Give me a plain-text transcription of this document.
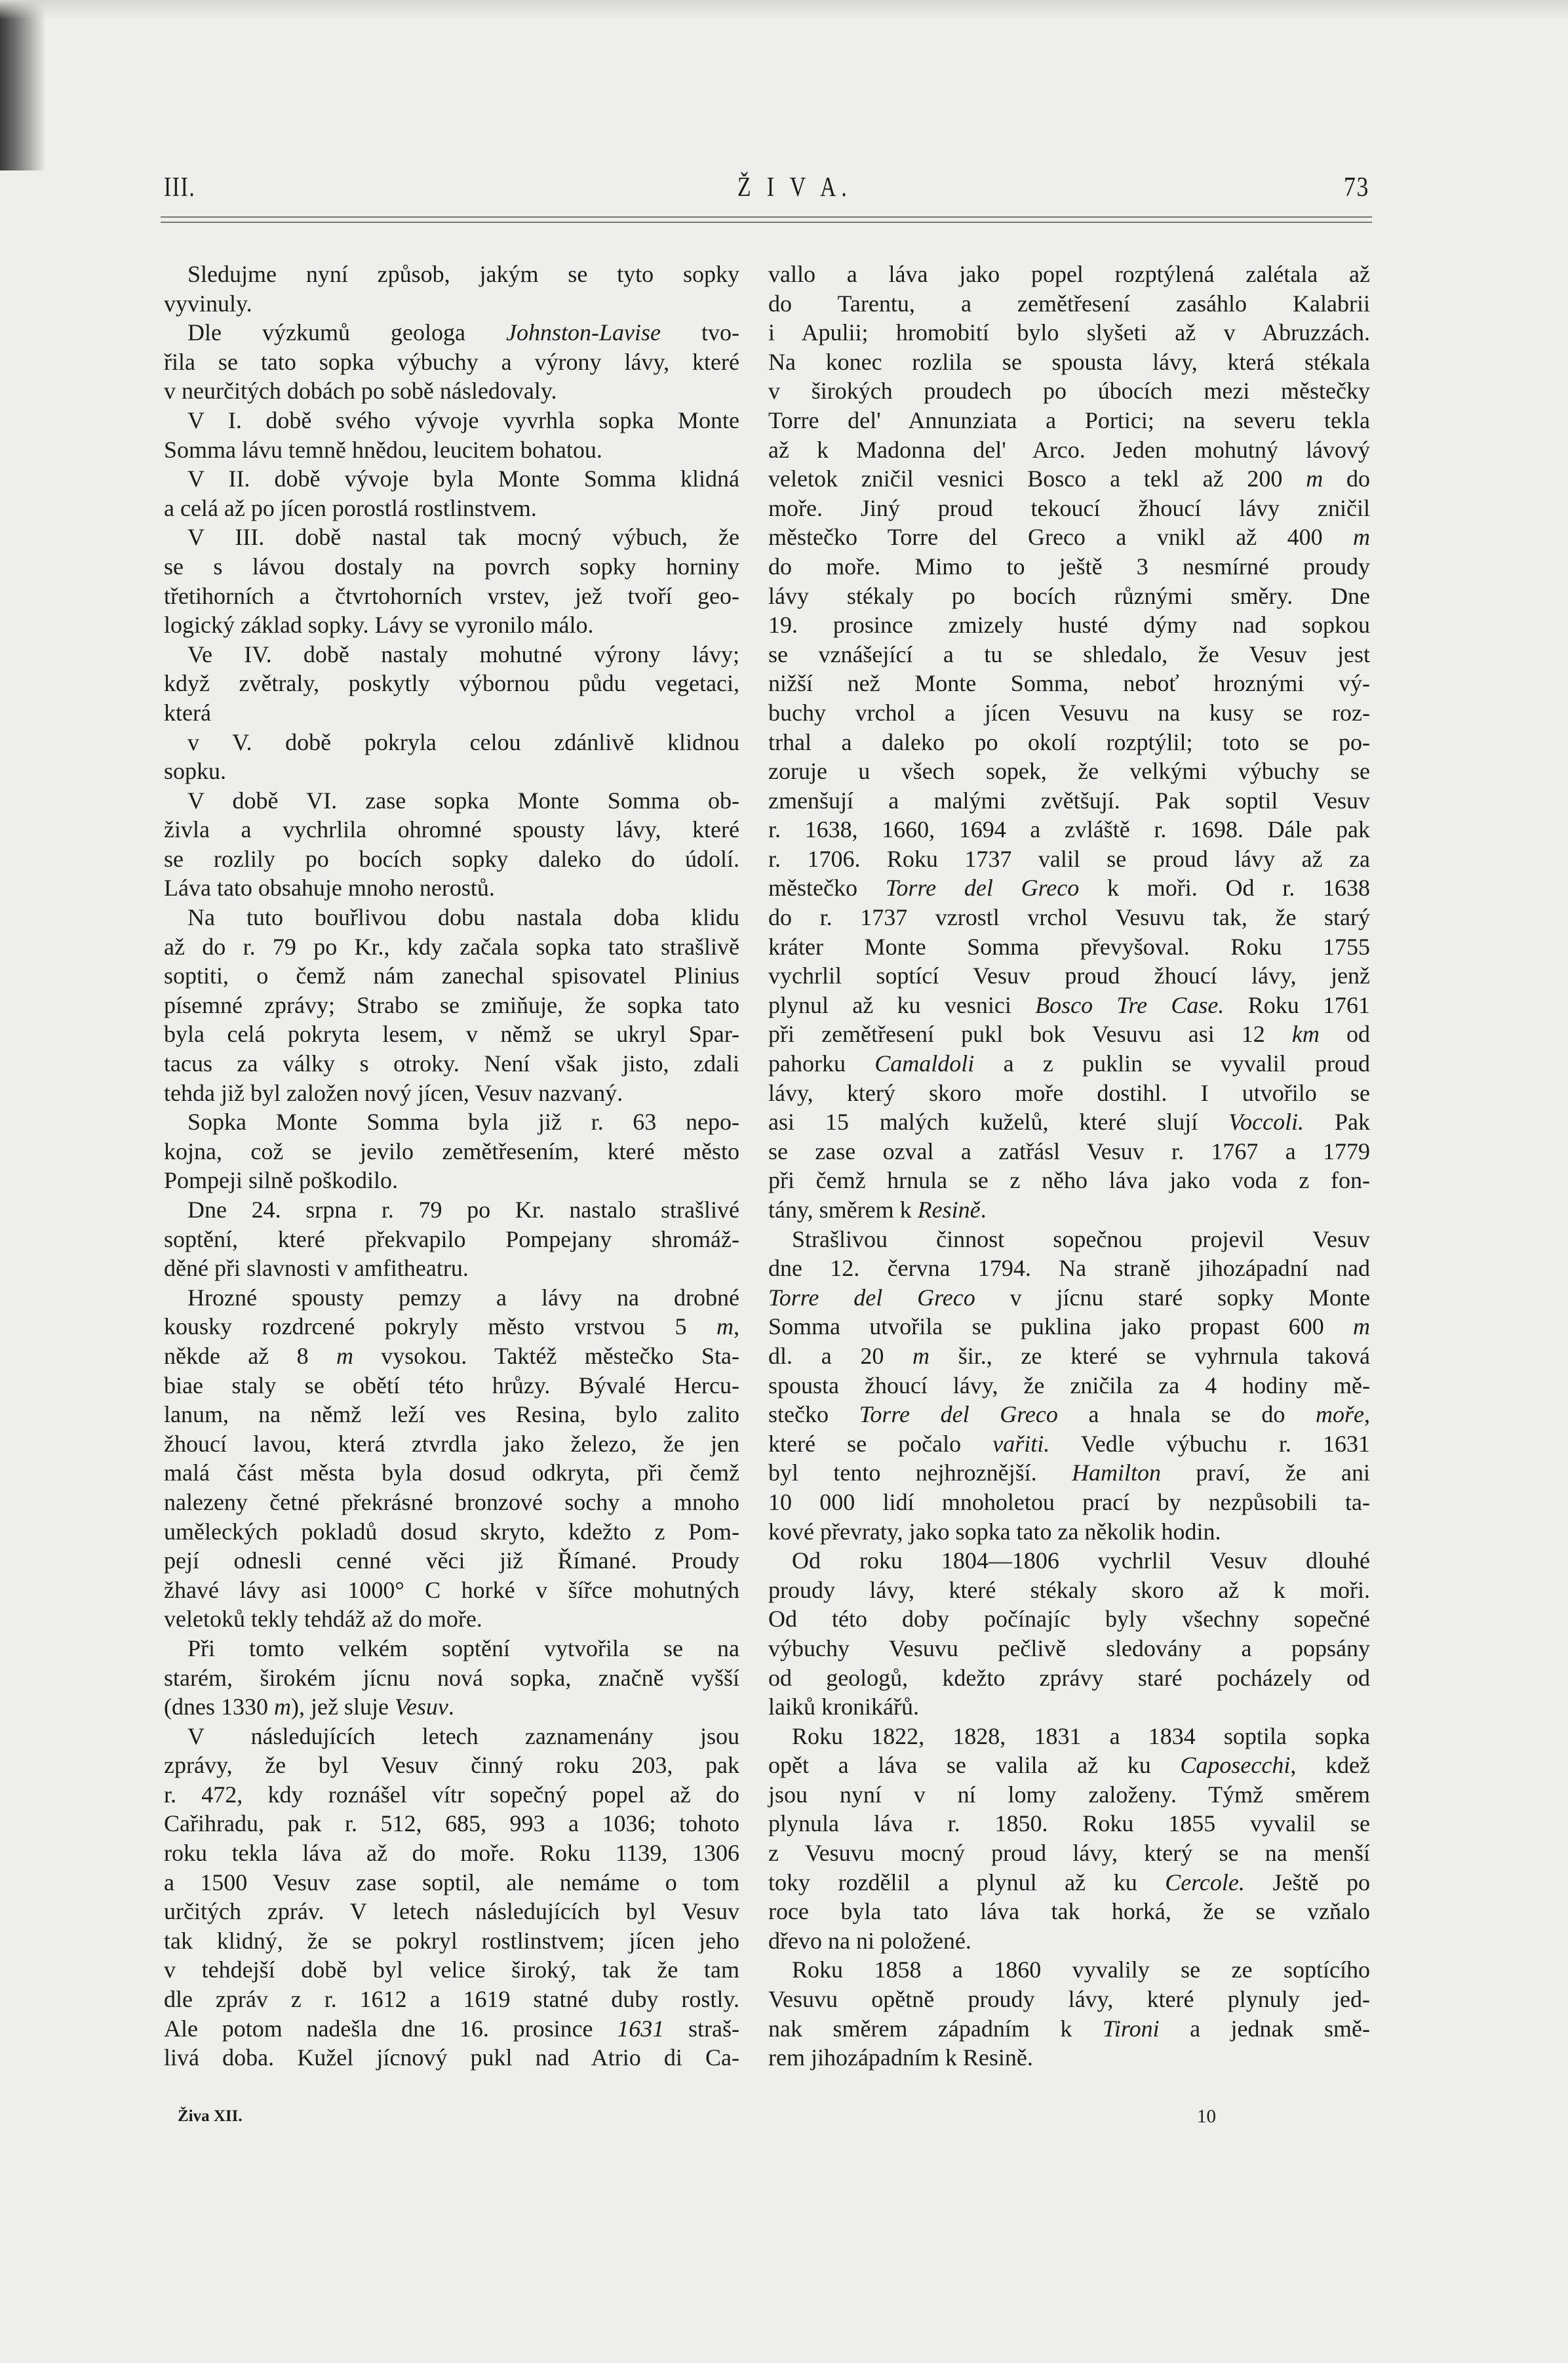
III.	Ž I V A.	73
Sledujme nyní způsob, jakým se tyto sopky
vyvinuly.
Dle výzkumů geologa Johnston-Lavise tvo-
řila se tato sopka výbuchy a výrony lávy, které
v neurčitých dobách po sobě následovaly.
V I. době svého vývoje vyvrhla sopka Monte
Somma lávu temně hnědou, leucitem bohatou.
V II. době vývoje byla Monte Somma klidná
a celá až po jícen porostlá rostlinstvem.
V III. době nastal tak mocný výbuch, že
se s lávou dostaly na povrch sopky horniny
třetihorních a čtvrtohorních vrstev, jež tvoří geo-
logický základ sopky. Lávy se vyronilo málo.
Ve IV. době nastaly mohutné výrony lávy;
když zvětraly, poskytly výbornou půdu vegetaci,
která
v V. době pokryla celou zdánlivě klidnou
sopku.
V době VI. zase sopka Monte Somma ob-
živla a vychrlila ohromné spousty lávy, které
se rozlily po bocích sopky daleko do údolí.
Láva tato obsahuje mnoho nerostů.
Na tuto bouřlivou dobu nastala doba klidu
až do r. 79 po Kr., kdy začala sopka tato strašlivě
soptiti, o čemž nám zanechal spisovatel Plinius
písemné zprávy; Strabo se zmiňuje, že sopka tato
byla celá pokryta lesem, v němž se ukryl Spar-
tacus za války s otroky. Není však jisto, zdali
tehda již byl založen nový jícen, Vesuv nazvaný.
Sopka Monte Somma byla již r. 63 nepo-
kojna, což se jevilo zemětřesením, které město
Pompeji silně poškodilo.
Dne 24. srpna r. 79 po Kr. nastalo strašlivé
soptění, které překvapilo Pompejany shromáž-
děné při slavnosti v amfitheatru.
Hrozné spousty pemzy a lávy na drobné
kousky rozdrcené pokryly město vrstvou 5 m,
někde až 8 m vysokou. Taktéž městečko Sta-
biae staly se obětí této hrůzy. Bývalé Hercu-
lanum, na němž leží ves Resina, bylo zalito
žhoucí lavou, která ztvrdla jako železo, že jen
malá část města byla dosud odkryta, při čemž
nalezeny četné překrásné bronzové sochy a mnoho
uměleckých pokladů dosud skryto, kdežto z Pom-
pejí odnesli cenné věci již Římané. Proudy
žhavé lávy asi 1000° C horké v šířce mohutných
veletoků tekly tehdáž až do moře.
Při tomto velkém soptění vytvořila se na
starém, širokém jícnu nová sopka, značně vyšší
(dnes 1330 m), jež sluje Vesuv.
V následujících letech zaznamenány jsou
zprávy, že byl Vesuv činný roku 203, pak
r. 472, kdy roznášel vítr sopečný popel až do
Cařihradu, pak r. 512, 685, 993 a 1036; tohoto
roku tekla láva až do moře. Roku 1139, 1306
a 1500 Vesuv zase soptil, ale nemáme o tom
určitých zpráv. V letech následujících byl Vesuv
tak klidný, že se pokryl rostlinstvem; jícen jeho
v tehdejší době byl velice široký, tak že tam
dle zpráv z r. 1612 a 1619 statné duby rostly.
Ale potom nadešla dne 16. prosince 1631 straš-
livá doba. Kužel jícnový pukl nad Atrio di Ca-
vallo a láva jako popel rozptýlená zalétala až
do Tarentu, a zemětřesení zasáhlo Kalabrii
i Apulii; hromobití bylo slyšeti až v Abruzzách.
Na konec rozlila se spousta lávy, která stékala
v širokých proudech po úbocích mezi městečky
Torre del' Annunziata a Portici; na severu tekla
až k Madonna del' Arco. Jeden mohutný lávový
veletok zničil vesnici Bosco a tekl až 200 m do
moře. Jiný proud tekoucí žhoucí lávy zničil
městečko Torre del Greco a vnikl až 400 m
do moře. Mimo to ještě 3 nesmírné proudy
lávy stékaly po bocích různými směry. Dne
19. prosince zmizely husté dýmy nad sopkou
se vznášející a tu se shledalo, že Vesuv jest
nižší než Monte Somma, neboť hroznými vý-
buchy vrchol a jícen Vesuvu na kusy se roz-
trhal a daleko po okolí rozptýlil; toto se po-
zoruje u všech sopek, že velkými výbuchy se
zmenšují a malými zvětšují. Pak soptil Vesuv
r. 1638, 1660, 1694 a zvláště r. 1698. Dále pak
r. 1706. Roku 1737 valil se proud lávy až za
městečko Torre del Greco k moři. Od r. 1638
do r. 1737 vzrostl vrchol Vesuvu tak, že starý
kráter Monte Somma převyšoval. Roku 1755
vychrlil soptící Vesuv proud žhoucí lávy, jenž
plynul až ku vesnici Bosco Tre Case. Roku 1761
při zemětřesení pukl bok Vesuvu asi 12 km od
pahorku Camaldoli a z puklin se vyvalil proud
lávy, který skoro moře dostihl. I utvořilo se
asi 15 malých kuželů, které slují Voccoli. Pak
se zase ozval a zatřásl Vesuv r. 1767 a 1779
při čemž hrnula se z něho láva jako voda z fon-
tány, směrem k Resině.
Strašlivou činnost sopečnou projevil Vesuv
dne 12. června 1794. Na straně jihozápadní nad
Torre del Greco v jícnu staré sopky Monte
Somma utvořila se puklina jako propast 600 m
dl. a 20 m šir., ze které se vyhrnula taková
spousta žhoucí lávy, že zničila za 4 hodiny mě-
stečko Torre del Greco a hnala se do moře,
které se počalo vařiti. Vedle výbuchu r. 1631
byl tento nejhroznější. Hamilton praví, že ani
10 000 lidí mnoholetou prací by nezpůsobili ta-
kové převraty, jako sopka tato za několik hodin.
Od roku 1804—1806 vychrlil Vesuv dlouhé
proudy lávy, které stékaly skoro až k moři.
Od této doby počínajíc byly všechny sopečné
výbuchy Vesuvu pečlivě sledovány a popsány
od geologů, kdežto zprávy staré pocházely od
laiků kronikářů.
Roku 1822, 1828, 1831 a 1834 soptila sopka
opět a láva se valila až ku Caposecchi, kdež
jsou nyní v ní lomy založeny. Týmž směrem
plynula láva r. 1850. Roku 1855 vyvalil se
z Vesuvu mocný proud lávy, který se na menší
toky rozdělil a plynul až ku Cercole. Ještě po
roce byla tato láva tak horká, že se vzňalo
dřevo na ni položené.
Roku 1858 a 1860 vyvalily se ze soptícího
Vesuvu opětně proudy lávy, které plynuly jed-
nak směrem západním k Tironi a jednak smě-
rem jihozápadním k Resině.
Živa XII.	10
